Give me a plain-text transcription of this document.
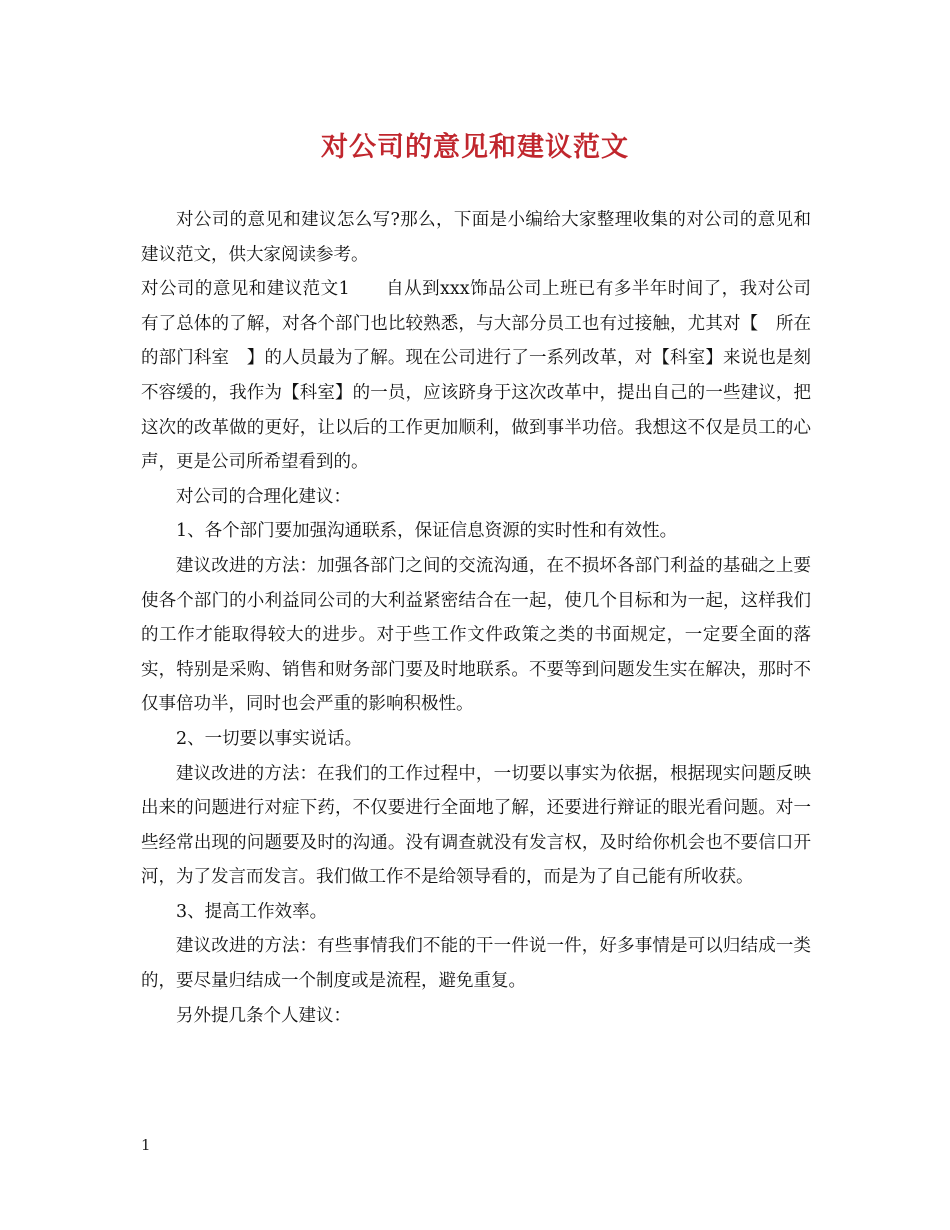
对公司的意见和建议范文

对公司的意见和建议怎么写?那么，下面是小编给大家整理收集的对公司的意见和建议范文，供大家阅读参考。

对公司的意见和建议范文1　　自从到xxx饰品公司上班已有多半年时间了，我对公司有了总体的了解，对各个部门也比较熟悉，与大部分员工也有过接触，尤其对【　所在的部门科室　】的人员最为了解。现在公司进行了一系列改革，对【科室】来说也是刻不容缓的，我作为【科室】的一员，应该跻身于这次改革中，提出自己的一些建议，把这次的改革做的更好，让以后的工作更加顺利，做到事半功倍。我想这不仅是员工的心声，更是公司所希望看到的。

对公司的合理化建议：

1、各个部门要加强沟通联系，保证信息资源的实时性和有效性。

建议改进的方法：加强各部门之间的交流沟通，在不损坏各部门利益的基础之上要使各个部门的小利益同公司的大利益紧密结合在一起，使几个目标和为一起，这样我们的工作才能取得较大的进步。对于些工作文件政策之类的书面规定，一定要全面的落实，特别是采购、销售和财务部门要及时地联系。不要等到问题发生实在解决，那时不仅事倍功半，同时也会严重的影响积极性。

2、一切要以事实说话。

建议改进的方法：在我们的工作过程中，一切要以事实为依据，根据现实问题反映出来的问题进行对症下药，不仅要进行全面地了解，还要进行辩证的眼光看问题。对一些经常出现的问题要及时的沟通。没有调查就没有发言权，及时给你机会也不要信口开河，为了发言而发言。我们做工作不是给领导看的，而是为了自己能有所收获。

3、提高工作效率。

建议改进的方法：有些事情我们不能的干一件说一件，好多事情是可以归结成一类的，要尽量归结成一个制度或是流程，避免重复。

另外提几条个人建议：

1
